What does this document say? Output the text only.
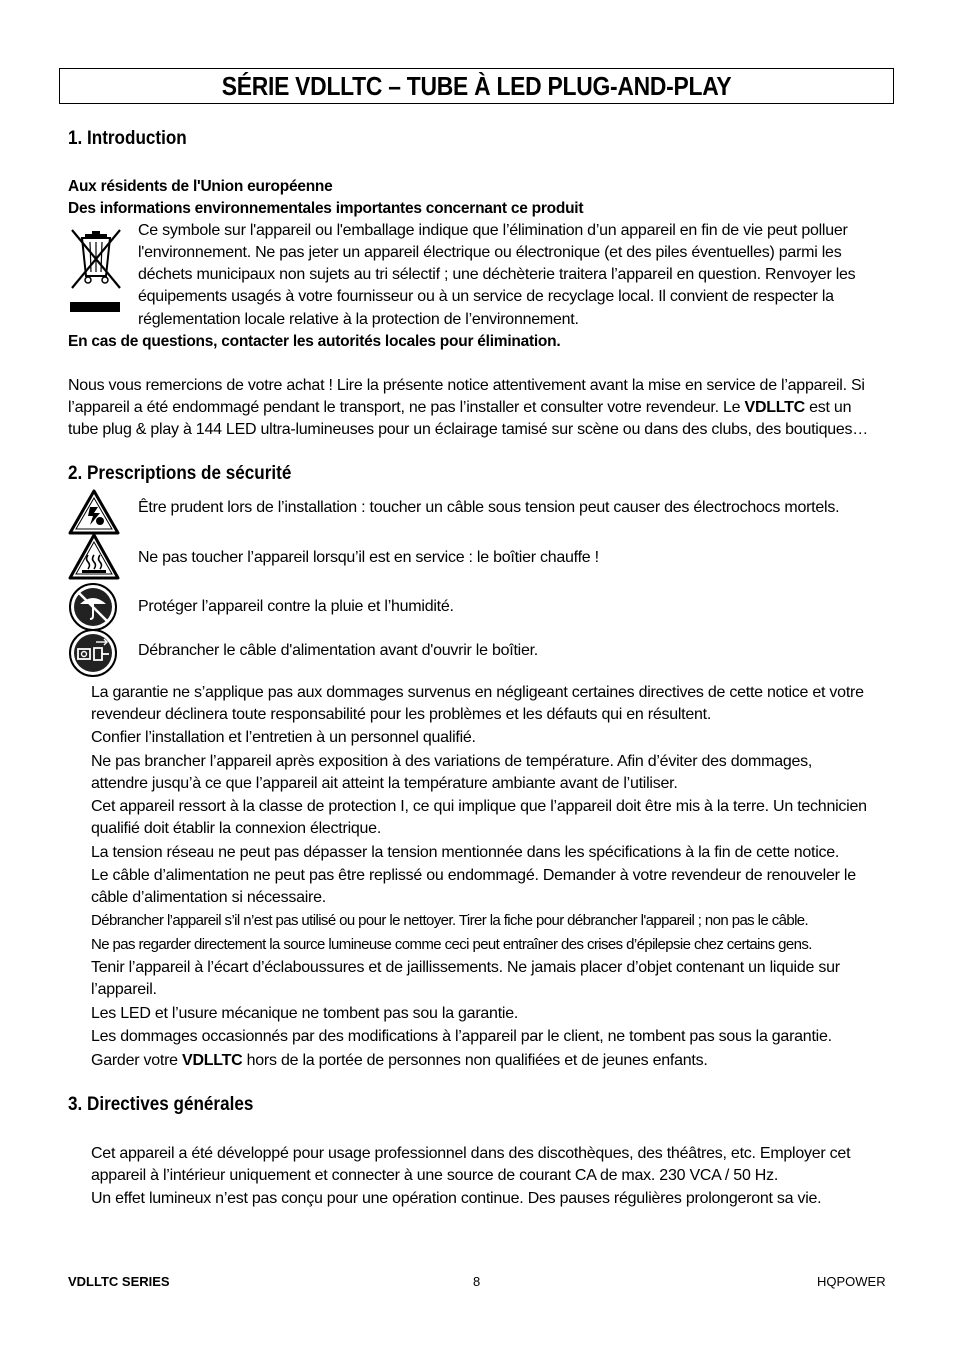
SÉRIE VDLLTC – TUBE À LED PLUG-AND-PLAY
1. Introduction

Aux résidents de l'Union européenne

Des informations environnementales importantes concernant ce produit

Ce symbole sur l'appareil ou l'emballage indique que l’élimination d’un appareil en fin de vie peut polluer

l'environnement. Ne pas jeter un appareil électrique ou électronique (et des piles éventuelles) parmi les

déchets municipaux non sujets au tri sélectif ; une déchèterie traitera l’appareil en question. Renvoyer les

équipements usagés à votre fournisseur ou à un service de recyclage local. Il convient de respecter la

réglementation locale relative à la protection de l’environnement.

En cas de questions, contacter les autorités locales pour élimination.

Nous vous remercions de votre achat ! Lire la présente notice attentivement avant la mise en service de l’appareil. Si

l’appareil a été endommagé pendant le transport, ne pas l’installer et consulter votre revendeur. Le VDLLTC est un

tube plug & play à 144 LED ultra-lumineuses pour un éclairage tamisé sur scène ou dans des clubs, des boutiques…

2. Prescriptions de sécurité

Être prudent lors de l’installation : toucher un câble sous tension peut causer des électrochocs mortels.

Ne pas toucher l’appareil lorsqu’il est en service : le boîtier chauffe !

Protéger l’appareil contre la pluie et l’humidité.

Débrancher le câble d'alimentation avant d'ouvrir le boîtier.

La garantie ne s’applique pas aux dommages survenus en négligeant certaines directives de cette notice et votre

revendeur déclinera toute responsabilité pour les problèmes et les défauts qui en résultent.

Confier l’installation et l’entretien à un personnel qualifié.

Ne pas brancher l’appareil après exposition à des variations de température. Afin d’éviter des dommages,

attendre jusqu’à ce que l’appareil ait atteint la température ambiante avant de l’utiliser.

Cet appareil ressort à la classe de protection I, ce qui implique que l’appareil doit être mis à la terre. Un technicien

qualifié doit établir la connexion électrique.

La tension réseau ne peut pas dépasser la tension mentionnée dans les spécifications à la fin de cette notice.

Le câble d’alimentation ne peut pas être replissé ou endommagé. Demander à votre revendeur de renouveler le

câble d’alimentation si nécessaire.

Débrancher l’appareil s’il n’est pas utilisé ou pour le nettoyer. Tirer la fiche pour débrancher l'appareil ; non pas le câble.

Ne pas regarder directement la source lumineuse comme ceci peut entraîner des crises d’épilepsie chez certains gens.

Tenir l’appareil à l’écart d’éclaboussures et de jaillissements. Ne jamais placer d’objet contenant un liquide sur

l’appareil.

Les LED et l’usure mécanique ne tombent pas sou la garantie.

Les dommages occasionnés par des modifications à l’appareil par le client, ne tombent pas sous la garantie.

Garder votre VDLLTC hors de la portée de personnes non qualifiées et de jeunes enfants.

3. Directives générales

Cet appareil a été développé pour usage professionnel dans des discothèques, des théâtres, etc. Employer cet

appareil à l’intérieur uniquement et connecter à une source de courant CA de max. 230 VCA / 50 Hz.

Un effet lumineux n’est pas conçu pour une opération continue. Des pauses régulières prolongeront sa vie.

VDLLTC SERIES	8	HQPOWER
